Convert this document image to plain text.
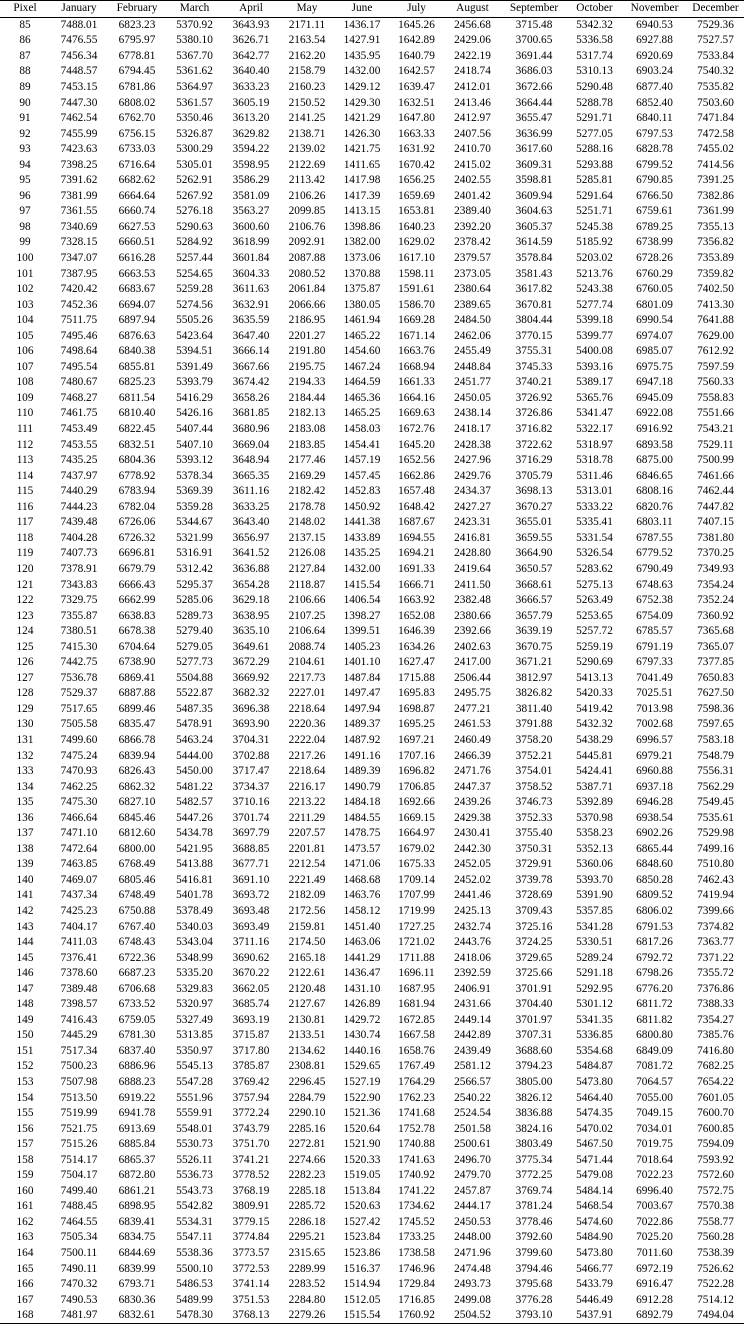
Pixel	January	February	March	April	May	June	July	August	September	October	November	December
85	7488.01	6823.23	5370.92	3643.93	2171.11	1436.17	1645.26	2456.68	3715.48	5342.32	6940.53	7529.36
86	7476.55	6795.97	5380.10	3626.71	2163.54	1427.91	1642.89	2429.06	3700.65	5336.58	6927.88	7527.57
87	7456.34	6778.81	5367.70	3642.77	2162.20	1435.95	1640.79	2422.19	3691.44	5317.74	6920.69	7533.84
88	7448.57	6794.45	5361.62	3640.40	2158.79	1432.00	1642.57	2418.74	3686.03	5310.13	6903.24	7540.32
89	7453.15	6781.86	5364.97	3633.23	2160.23	1429.12	1639.47	2412.01	3672.66	5290.48	6877.40	7535.82
90	7447.30	6808.02	5361.57	3605.19	2150.52	1429.30	1632.51	2413.46	3664.44	5288.78	6852.40	7503.60
91	7462.54	6762.70	5350.46	3613.20	2141.25	1421.29	1647.80	2412.97	3655.47	5291.71	6840.11	7471.84
92	7455.99	6756.15	5326.87	3629.82	2138.71	1426.30	1663.33	2407.56	3636.99	5277.05	6797.53	7472.58
93	7423.63	6733.03	5300.29	3594.22	2139.02	1421.75	1631.92	2410.70	3617.60	5288.16	6828.78	7455.02
94	7398.25	6716.64	5305.01	3598.95	2122.69	1411.65	1670.42	2415.02	3609.31	5293.88	6799.52	7414.56
95	7391.62	6682.62	5262.91	3586.29	2113.42	1417.98	1656.25	2402.55	3598.81	5285.81	6790.85	7391.25
96	7381.99	6664.64	5267.92	3581.09	2106.26	1417.39	1659.69	2401.42	3609.94	5291.64	6766.50	7382.86
97	7361.55	6660.74	5276.18	3563.27	2099.85	1413.15	1653.81	2389.40	3604.63	5251.71	6759.61	7361.99
98	7340.69	6627.53	5290.63	3600.60	2106.76	1398.86	1640.23	2392.20	3605.37	5245.38	6789.25	7355.13
99	7328.15	6660.51	5284.92	3618.99	2092.91	1382.00	1629.02	2378.42	3614.59	5185.92	6738.99	7356.82
100	7347.07	6616.28	5257.44	3601.84	2087.88	1373.06	1617.10	2379.57	3578.84	5203.02	6728.26	7353.89
101	7387.95	6663.53	5254.65	3604.33	2080.52	1370.88	1598.11	2373.05	3581.43	5213.76	6760.29	7359.82
102	7420.42	6683.67	5259.28	3611.63	2061.84	1375.87	1591.61	2380.64	3617.82	5243.38	6760.05	7402.50
103	7452.36	6694.07	5274.56	3632.91	2066.66	1380.05	1586.70	2389.65	3670.81	5277.74	6801.09	7413.30
104	7511.75	6897.94	5505.26	3635.59	2186.95	1461.94	1669.28	2484.50	3804.44	5399.18	6990.54	7641.88
105	7495.46	6876.63	5423.64	3647.40	2201.27	1465.22	1671.14	2462.06	3770.15	5399.77	6974.07	7629.00
106	7498.64	6840.38	5394.51	3666.14	2191.80	1454.60	1663.76	2455.49	3755.31	5400.08	6985.07	7612.92
107	7495.54	6855.81	5391.49	3667.66	2195.75	1467.24	1668.94	2448.84	3745.33	5393.16	6975.75	7597.59
108	7480.67	6825.23	5393.79	3674.42	2194.33	1464.59	1661.33	2451.77	3740.21	5389.17	6947.18	7560.33
109	7468.27	6811.54	5416.29	3658.26	2184.44	1465.36	1664.16	2450.05	3726.92	5365.76	6945.09	7558.83
110	7461.75	6810.40	5426.16	3681.85	2182.13	1465.25	1669.63	2438.14	3726.86	5341.47	6922.08	7551.66
111	7453.49	6822.45	5407.44	3680.96	2183.08	1458.03	1672.76	2418.17	3716.82	5322.17	6916.92	7543.21
112	7453.55	6832.51	5407.10	3669.04	2183.85	1454.41	1645.20	2428.38	3722.62	5318.97	6893.58	7529.11
113	7435.25	6804.36	5393.12	3648.94	2177.46	1457.19	1652.56	2427.96	3716.29	5318.78	6875.00	7500.99
114	7437.97	6778.92	5378.34	3665.35	2169.29	1457.45	1662.86	2429.76	3705.79	5311.46	6846.65	7461.66
115	7440.29	6783.94	5369.39	3611.16	2182.42	1452.83	1657.48	2434.37	3698.13	5313.01	6808.16	7462.44
116	7444.23	6782.04	5359.28	3633.25	2178.78	1450.92	1648.42	2427.27	3670.27	5333.22	6820.76	7447.82
117	7439.48	6726.06	5344.67	3643.40	2148.02	1441.38	1687.67	2423.31	3655.01	5335.41	6803.11	7407.15
118	7404.28	6726.32	5321.99	3656.97	2137.15	1433.89	1694.55	2416.81	3659.55	5331.54	6787.55	7381.80
119	7407.73	6696.81	5316.91	3641.52	2126.08	1435.25	1694.21	2428.80	3664.90	5326.54	6779.52	7370.25
120	7378.91	6679.79	5312.42	3636.88	2127.84	1432.00	1691.33	2419.64	3650.57	5283.62	6790.49	7349.93
121	7343.83	6666.43	5295.37	3654.28	2118.87	1415.54	1666.71	2411.50	3668.61	5275.13	6748.63	7354.24
122	7329.75	6662.99	5285.06	3629.18	2106.66	1406.54	1663.92	2382.48	3666.57	5263.49	6752.38	7352.24
123	7355.87	6638.83	5289.73	3638.95	2107.25	1398.27	1652.08	2380.66	3657.79	5253.65	6754.09	7360.92
124	7380.51	6678.38	5279.40	3635.10	2106.64	1399.51	1646.39	2392.66	3639.19	5257.72	6785.57	7365.68
125	7415.30	6704.64	5279.05	3649.61	2088.74	1405.23	1634.26	2402.63	3670.75	5259.19	6791.19	7365.07
126	7442.75	6738.90	5277.73	3672.29	2104.61	1401.10	1627.47	2417.00	3671.21	5290.69	6797.33	7377.85
127	7536.78	6869.41	5504.88	3669.92	2217.73	1487.84	1715.88	2506.44	3812.97	5413.13	7041.49	7650.83
128	7529.37	6887.88	5522.87	3682.32	2227.01	1497.47	1695.83	2495.75	3826.82	5420.33	7025.51	7627.50
129	7517.65	6899.46	5487.35	3696.38	2218.64	1497.94	1698.87	2477.21	3811.40	5419.42	7013.98	7598.36
130	7505.58	6835.47	5478.91	3693.90	2220.36	1489.37	1695.25	2461.53	3791.88	5432.32	7002.68	7597.65
131	7499.60	6866.78	5463.24	3704.31	2222.04	1487.92	1697.21	2460.49	3758.20	5438.29	6996.57	7583.18
132	7475.24	6839.94	5444.00	3702.88	2217.26	1491.16	1707.16	2466.39	3752.21	5445.81	6979.21	7548.79
133	7470.93	6826.43	5450.00	3717.47	2218.64	1489.39	1696.82	2471.76	3754.01	5424.41	6960.88	7556.31
134	7462.25	6862.32	5481.22	3734.37	2216.17	1490.79	1706.85	2447.37	3758.52	5387.71	6937.18	7562.29
135	7475.30	6827.10	5482.57	3710.16	2213.22	1484.18	1692.66	2439.26	3746.73	5392.89	6946.28	7549.45
136	7466.64	6845.46	5447.26	3701.74	2211.29	1484.55	1669.15	2429.38	3752.33	5370.98	6938.54	7535.61
137	7471.10	6812.60	5434.78	3697.79	2207.57	1478.75	1664.97	2430.41	3755.40	5358.23	6902.26	7529.98
138	7472.64	6800.00	5421.95	3688.85	2201.81	1473.57	1679.02	2442.30	3750.31	5352.13	6865.44	7499.16
139	7463.85	6768.49	5413.88	3677.71	2212.54	1471.06	1675.33	2452.05	3729.91	5360.06	6848.60	7510.80
140	7469.07	6805.46	5416.81	3691.10	2221.49	1468.68	1709.14	2452.02	3739.78	5393.70	6850.28	7462.43
141	7437.34	6748.49	5401.78	3693.72	2182.09	1463.76	1707.99	2441.46	3728.69	5391.90	6809.52	7419.94
142	7425.23	6750.88	5378.49	3693.48	2172.56	1458.12	1719.99	2425.13	3709.43	5357.85	6806.02	7399.66
143	7404.17	6767.40	5340.03	3693.49	2159.81	1451.40	1727.25	2432.74	3725.16	5341.28	6791.53	7374.82
144	7411.03	6748.43	5343.04	3711.16	2174.50	1463.06	1721.02	2443.76	3724.25	5330.51	6817.26	7363.77
145	7376.41	6722.36	5348.99	3690.62	2165.18	1441.29	1711.88	2418.06	3729.65	5289.24	6792.72	7371.22
146	7378.60	6687.23	5335.20	3670.22	2122.61	1436.47	1696.11	2392.59	3725.66	5291.18	6798.26	7355.72
147	7389.48	6706.68	5329.83	3662.05	2120.48	1431.10	1687.95	2406.91	3701.91	5292.95	6776.20	7376.86
148	7398.57	6733.52	5320.97	3685.74	2127.67	1426.89	1681.94	2431.66	3704.40	5301.12	6811.72	7388.33
149	7416.43	6759.05	5327.49	3693.19	2130.81	1429.72	1672.85	2449.14	3701.97	5341.35	6811.82	7354.27
150	7445.29	6781.30	5313.85	3715.87	2133.51	1430.74	1667.58	2442.89	3707.31	5336.85	6800.80	7385.76
151	7517.34	6837.40	5350.97	3717.80	2134.62	1440.16	1658.76	2439.49	3688.60	5354.68	6849.09	7416.80
152	7500.23	6886.96	5545.13	3785.87	2308.81	1529.65	1767.49	2581.12	3794.23	5484.87	7081.72	7682.25
153	7507.98	6888.23	5547.28	3769.42	2296.45	1527.19	1764.29	2566.57	3805.00	5473.80	7064.57	7654.22
154	7513.50	6919.22	5551.96	3757.94	2284.79	1522.90	1762.23	2540.22	3826.12	5464.40	7055.00	7601.05
155	7519.99	6941.78	5559.91	3772.24	2290.10	1521.36	1741.68	2524.54	3836.88	5474.35	7049.15	7600.70
156	7521.75	6913.69	5548.01	3743.79	2285.16	1520.64	1752.78	2501.58	3824.16	5470.02	7034.01	7600.85
157	7515.26	6885.84	5530.73	3751.70	2272.81	1521.90	1740.88	2500.61	3803.49	5467.50	7019.75	7594.09
158	7514.17	6865.37	5526.11	3741.21	2274.66	1520.33	1741.63	2496.70	3775.34	5471.44	7018.64	7593.92
159	7504.17	6872.80	5536.73	3778.52	2282.23	1519.05	1740.92	2479.70	3772.25	5479.08	7022.23	7572.60
160	7499.40	6861.21	5543.73	3768.19	2285.18	1513.84	1741.22	2457.87	3769.74	5484.14	6996.40	7572.75
161	7488.45	6898.95	5542.82	3809.91	2285.72	1520.63	1734.62	2444.17	3781.24	5468.54	7003.67	7570.38
162	7464.55	6839.41	5534.31	3779.15	2286.18	1527.42	1745.52	2450.53	3778.46	5474.60	7022.86	7558.77
163	7505.34	6834.75	5547.11	3774.84	2295.21	1523.84	1733.25	2448.00	3792.60	5484.90	7025.20	7560.28
164	7500.11	6844.69	5538.36	3773.57	2315.65	1523.86	1738.58	2471.96	3799.60	5473.80	7011.60	7538.39
165	7490.11	6839.99	5500.10	3772.53	2289.99	1516.37	1746.96	2474.48	3794.46	5466.77	6972.19	7526.62
166	7470.32	6793.71	5486.53	3741.14	2283.52	1514.94	1729.84	2493.73	3795.68	5433.79	6916.47	7522.28
167	7490.53	6830.36	5489.99	3751.53	2284.80	1512.05	1716.85	2499.08	3776.28	5446.49	6912.28	7514.12
168	7481.97	6832.61	5478.30	3768.13	2279.26	1515.54	1760.92	2504.52	3793.10	5437.91	6892.79	7494.04
